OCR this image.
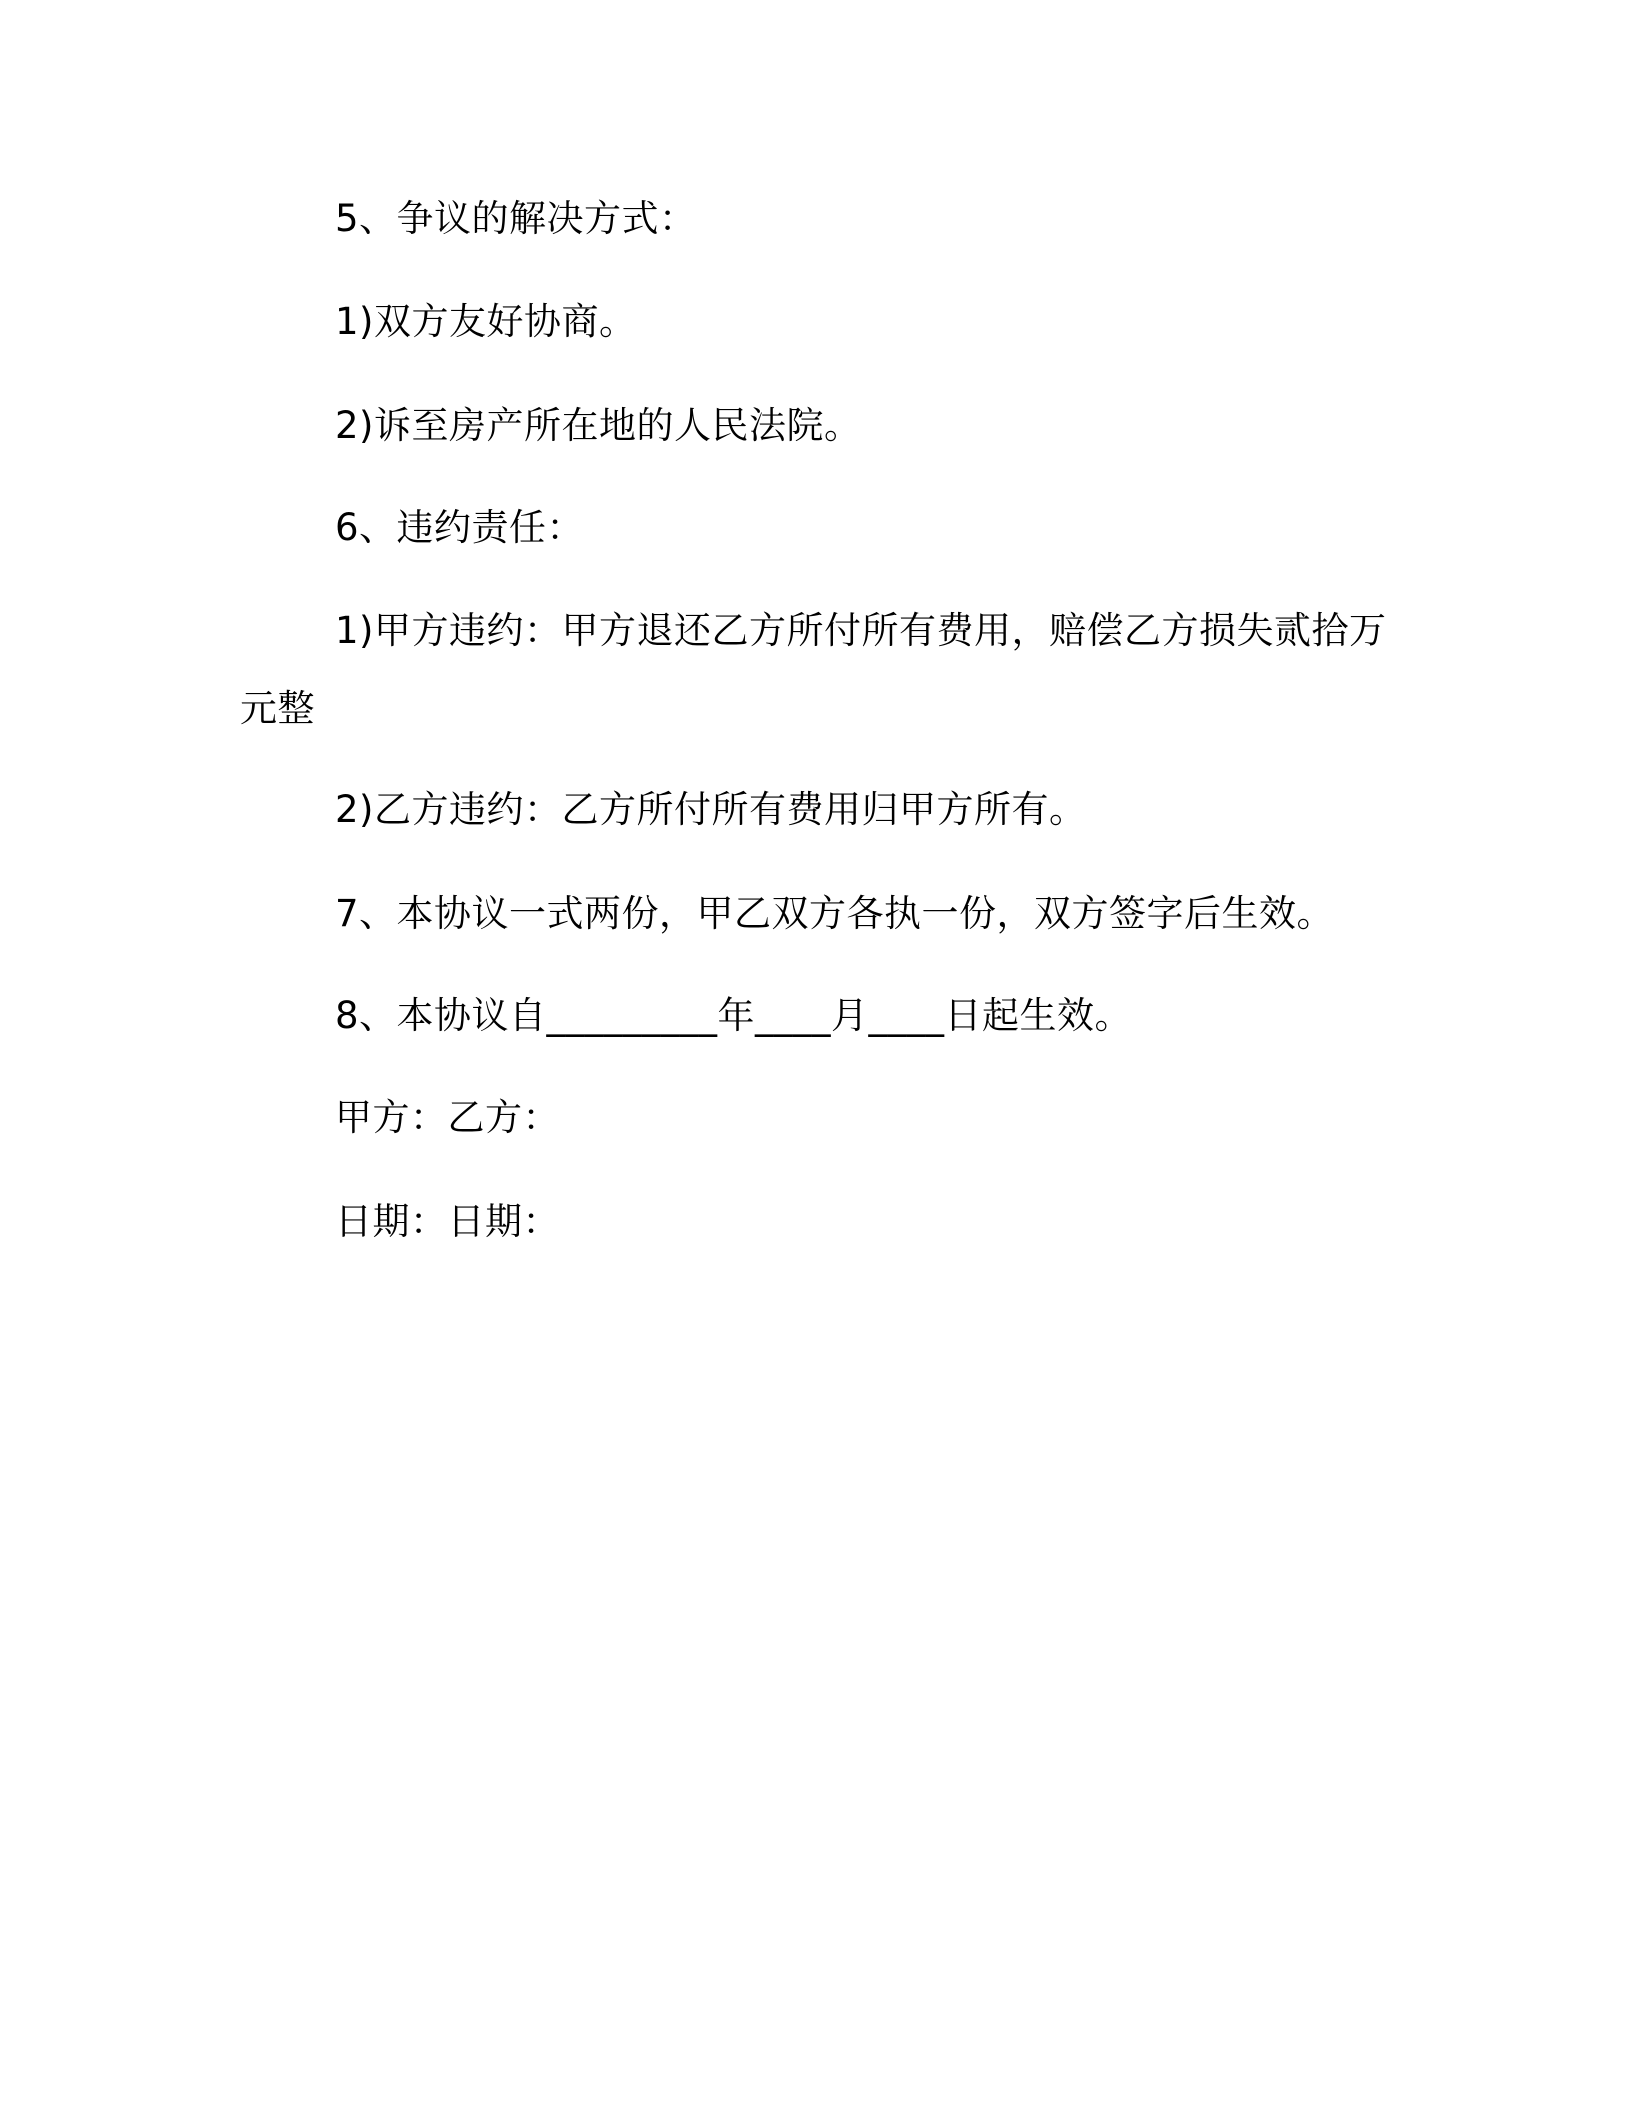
5、争议的解决方式：
1)双方友好协商。
2)诉至房产所在地的人民法院。
6、违约责任：
1)甲方违约：甲方退还乙方所付所有费用，赔偿乙方损失贰拾万
元整
2)乙方违约：乙方所付所有费用归甲方所有。
7、本协议一式两份，甲乙双方各执一份，双方签字后生效。
8、本协议自_________年____月____日起生效。
甲方：乙方：
日期：日期：
